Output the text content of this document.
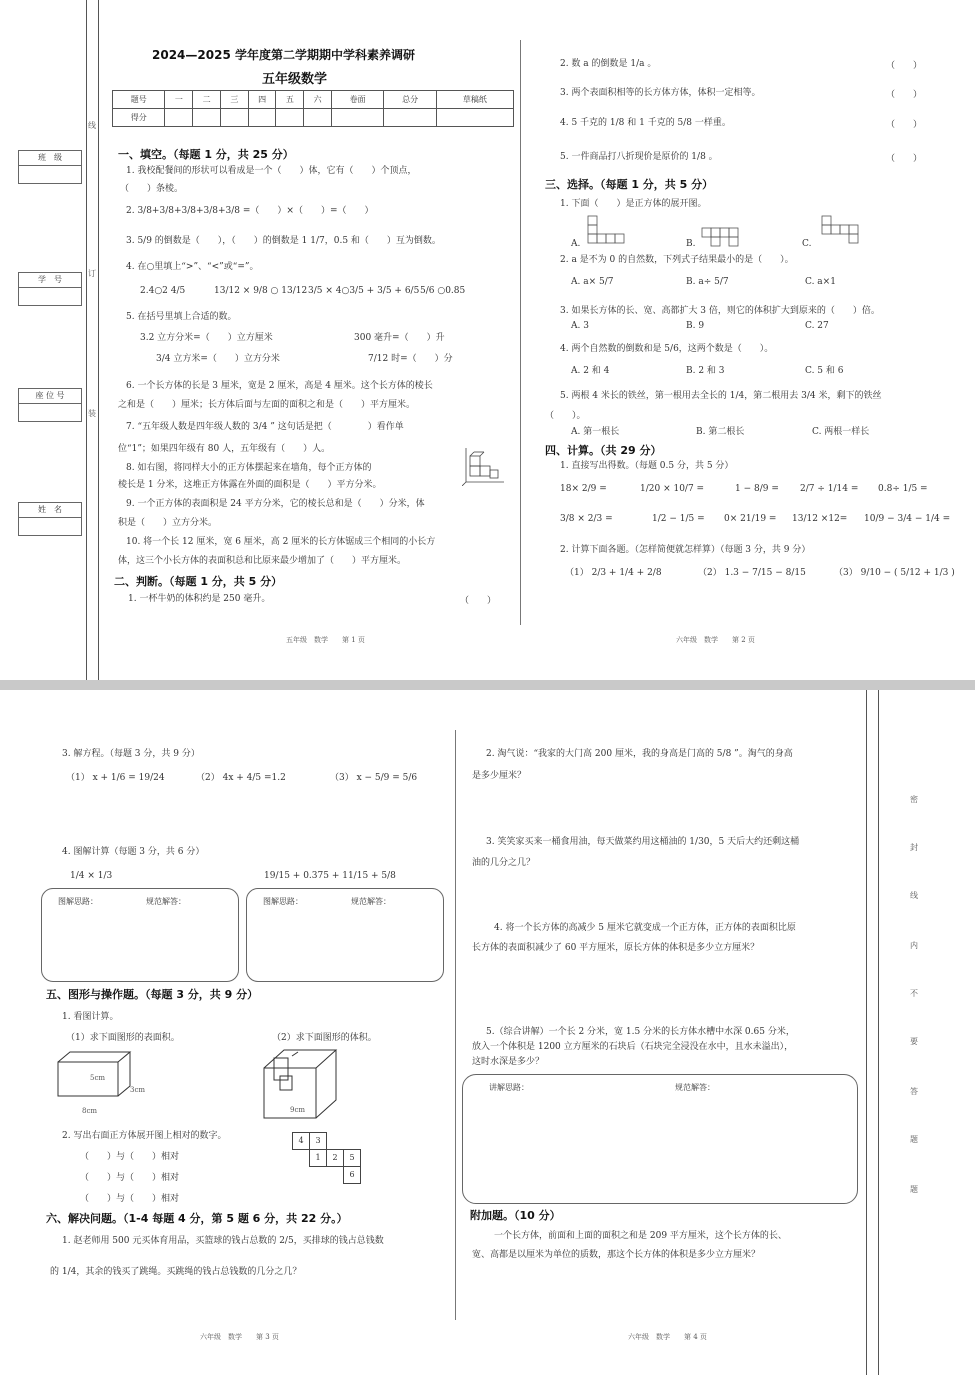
线
订
装
班　级
学　号
座 位 号
姓　名
2024—2025 学年度第二学期期中学科素养调研
五年级数学
题号	一	二	三	四	五	六	卷面	总分	草稿纸
得分									
一、填空。（每题 1 分，共 25 分）
1. 我校配餐间的形状可以看成是一个（　　）体，它有（　　）个顶点，
（　　）条棱。
2. 3/8+3/8+3/8+3/8+3/8 =（　　）×（　　）=（　　）
3. 5/9 的倒数是（　　），（　　）的倒数是 1 1/7，0.5 和（　　）互为倒数。
4. 在○里填上“>”、“<”或“=”。
2.4○2 4/5	13/12 × 9/8 ○ 13/12 3/5 × 4○3/5 + 3/5 + 6/5 5/6 ○0.85
5. 在括号里填上合适的数。
3.2 立方分米=（　　）立方厘米	300 毫升=（　　）升
3/4 立方米=（　　）立方分米	7/12 时=（　　）分
6. 一个长方体的长是 3 厘米，宽是 2 厘米，高是 4 厘米。这个长方体的棱长
之和是（　　）厘米；长方体后面与左面的面积之和是（　　）平方厘米。
7. “五年级人数是四年级人数的 3/4 ” 这句话是把（　　　　）看作单
位“1”；如果四年级有 80 人，五年级有（　　）人。
8. 如右图，将同样大小的正方体摆起来在墙角，每个正方体的
棱长是 1 分米，这堆正方体露在外面的面积是（　　）平方分米。
9. 一个正方体的表面积是 24 平方分米，它的棱长总和是（　　）分米，体
积是（　　）立方分米。
10. 将一个长 12 厘米，宽 6 厘米，高 2 厘米的长方体锯成三个相同的小长方
体，这三个小长方体的表面积总和比原来最少增加了（　　）平方厘米。
二、判断。（每题 1 分，共 5 分）
1. 一杯牛奶的体积约是 250 毫升。	（　　）
五年级　数学　　第 1 页
2. 数 a 的倒数是 1/a 。	（　　）
3. 两个表面积相等的长方体方体，体积一定相等。	（　　）
4. 5 千克的 1/8 和 1 千克的 5/8 一样重。	（　　）
5. 一件商品打八折现价是原价的 1/8 。	（　　）
三、选择。（每题 1 分，共 5 分）
1. 下面（　　）是正方体的展开图。
A.	B.	C.
2. a 是不为 0 的自然数，下列式子结果最小的是（　　）。
A. a× 5/7	B. a÷ 5/7	C. a×1
3. 如果长方体的长、宽、高都扩大 3 倍，则它的体积扩大到原来的（　　）倍。
A. 3	B. 9	C. 27
4. 两个自然数的倒数和是 5/6，这两个数是（　　）。
A. 2 和 4	B. 2 和 3	C. 5 和 6
5. 两根 4 米长的铁丝，第一根用去全长的 1/4，第二根用去 3/4 米，剩下的铁丝
（　　）。
A. 第一根长	B. 第二根长	C. 两根一样长
四、计算。（共 29 分）
1. 直接写出得数。（每题 0.5 分，共 5 分）
18× 2/9 =	1/20 × 10/7 =	1 − 8/9 = 2/7 ÷ 1/14 = 0.8÷ 1/5 =
3/8 × 2/3 =	1/2 − 1/5 = 0× 21/19 = 13/12 ×12= 10/9 − 3/4 − 1/4 =
2. 计算下面各题。（怎样简便就怎样算）（每题 3 分，共 9 分）
（1） 2/3 + 1/4 + 2/8	（2） 1.3 − 7/15 − 8/15	（3） 9/10 − ( 5/12 + 1/3 )
六年级　数学　　第 2 页
3. 解方程。（每题 3 分，共 9 分）
（1） x + 1/6 = 19/24	（2） 4x + 4/5 =1.2	（3） x − 5/9 = 5/6
4. 图解计算（每题 3 分，共 6 分）
1/4 × 1/3	19/15 + 0.375 + 11/15 + 5/8
图解思路：	规范解答：	图解思路：	规范解答：
五、图形与操作题。（每题 3 分，共 9 分）
1. 看图计算。
（1）求下面图形的表面积。	（2）求下面图形的体积。
5cm
3cm
8cm	9cm
2. 写出右面正方体展开图上相对的数字。
（　　）与（　　）相对
（　　）与（　　）相对
（　　）与（　　）相对
4	3
1	2	5
6
六、解决问题。（1-4 每题 4 分，第 5 题 6 分，共 22 分。）
1. 赵老师用 500 元买体育用品，买篮球的钱占总数的 2/5，买排球的钱占总钱数
的 1/4，其余的钱买了跳绳。买跳绳的钱占总钱数的几分之几？
六年级　数学　　第 3 页
2. 淘气说：“我家的大门高 200 厘米，我的身高是门高的 5/8 ”。淘气的身高
是多少厘米？
3. 笑笑家买来一桶食用油，每天做菜约用这桶油的 1/30，5 天后大约还剩这桶
油的几分之几？
4. 将一个长方体的高减少 5 厘米它就变成一个正方体，正方体的表面积比原
长方体的表面积减少了 60 平方厘米，原长方体的体积是多少立方厘米？
5.（综合讲解）一个长 2 分米，宽 1.5 分米的长方体水槽中水深 0.65 分米，
放入一个体积是 1200 立方厘米的石块后（石块完全浸没在水中，且水未溢出），
这时水深是多少？
讲解思路：	规范解答：
附加题。（10 分）
一个长方体，前面和上面的面积之和是 209 平方厘米，这个长方体的长、
宽、高都是以厘米为单位的质数，那这个长方体的体积是多少立方厘米？
六年级　数学　　第 4 页
密
封
线
内
不
要
答
题
题
